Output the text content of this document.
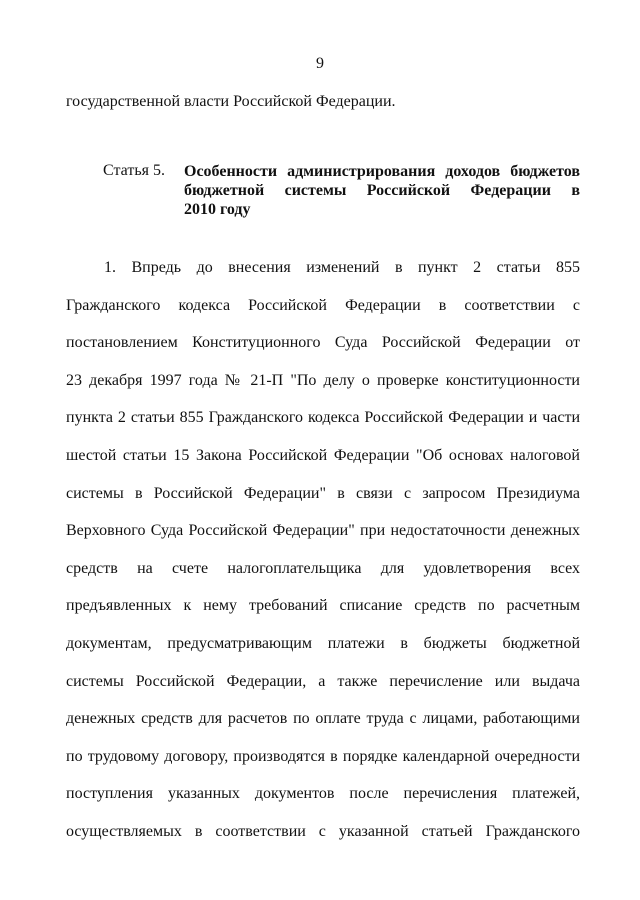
9
государственной власти Российской Федерации.
Статья 5. Особенности администрирования доходов бюджетов
бюджетной системы Российской Федерации в
2010 году
1. Впредь до внесения изменений в пункт 2 статьи 855
Гражданского кодекса Российской Федерации в соответствии с
постановлением Конституционного Суда Российской Федерации от
23 декабря 1997 года № 21-П "По делу о проверке конституционности
пункта 2 статьи 855 Гражданского кодекса Российской Федерации и части
шестой статьи 15 Закона Российской Федерации "Об основах налоговой
системы в Российской Федерации" в связи с запросом Президиума
Верховного Суда Российской Федерации" при недостаточности денежных
средств на счете налогоплательщика для удовлетворения всех
предъявленных к нему требований списание средств по расчетным
документам, предусматривающим платежи в бюджеты бюджетной
системы Российской Федерации, а также перечисление или выдача
денежных средств для расчетов по оплате труда с лицами, работающими
по трудовому договору, производятся в порядке календарной очередности
поступления указанных документов после перечисления платежей,
осуществляемых в соответствии с указанной статьей Гражданского
